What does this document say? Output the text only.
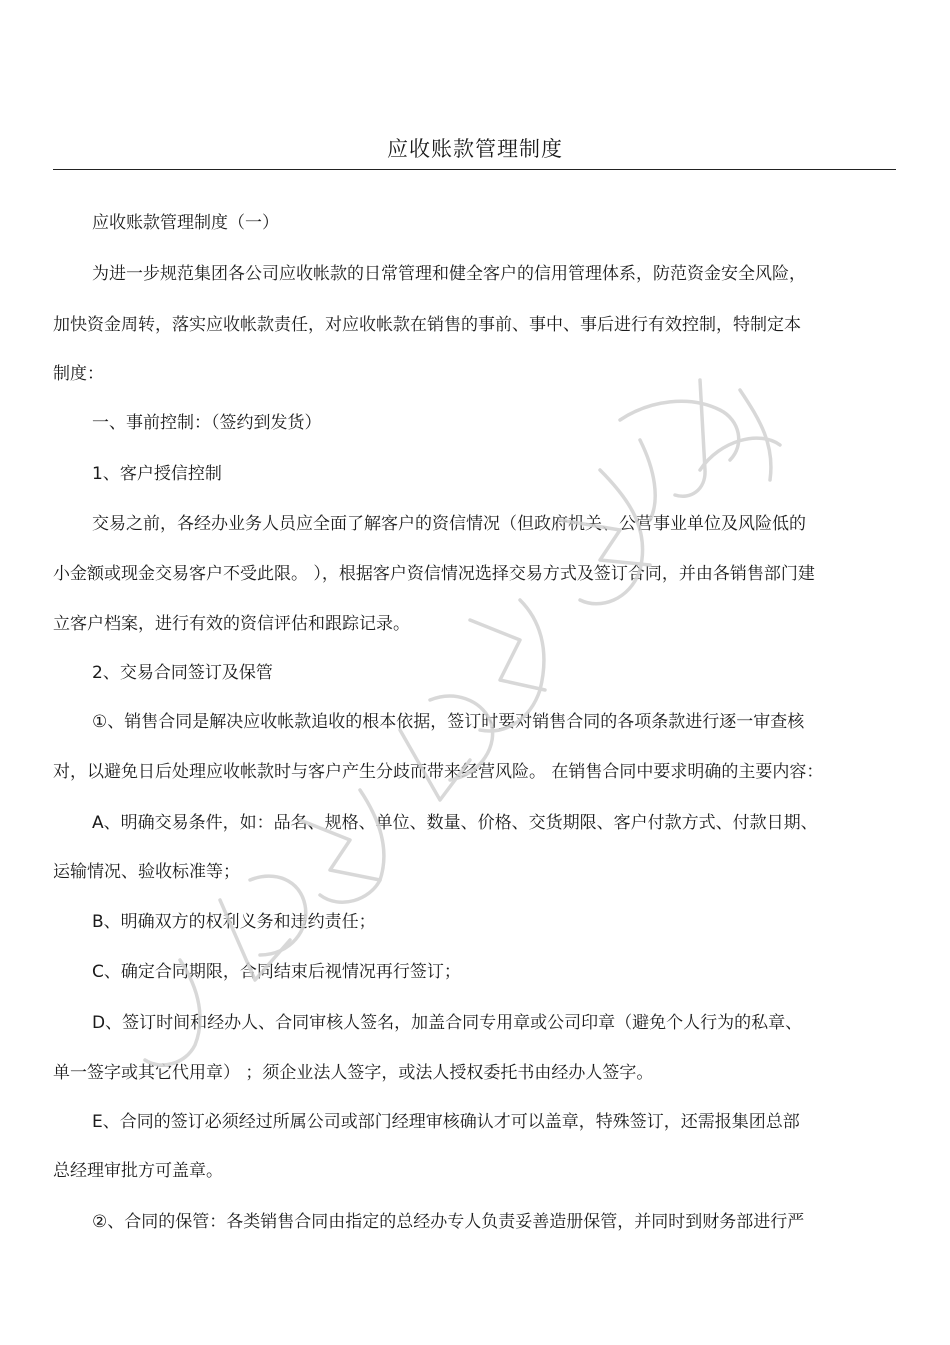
应收账款管理制度
应收账款管理制度（一）
为进一步规范集团各公司应收帐款的日常管理和健全客户的信用管理体系，防范资金安全风险，
加快资金周转，落实应收帐款责任，对应收帐款在销售的事前、事中、事后进行有效控制，特制定本
制度：
一、事前控制：（签约到发货）
1、客户授信控制
交易之前，各经办业务人员应全面了解客户的资信情况（但政府机关、公营事业单位及风险低的
小金额或现金交易客户不受此限。 ），根据客户资信情况选择交易方式及签订合同，并由各销售部门建
立客户档案，进行有效的资信评估和跟踪记录。
2、交易合同签订及保管
①、销售合同是解决应收帐款追收的根本依据，签订时要对销售合同的各项条款进行逐一审查核
对，以避免日后处理应收帐款时与客户产生分歧而带来经营风险。 在销售合同中要求明确的主要内容：
A、明确交易条件，如：品名、规格、单位、数量、价格、交货期限、客户付款方式、付款日期、
运输情况、验收标准等；
B、明确双方的权利义务和违约责任；
C、确定合同期限，合同结束后视情况再行签订；
D、签订时间和经办人、合同审核人签名，加盖合同专用章或公司印章（避免个人行为的私章、
单一签字或其它代用章） ；须企业法人签字，或法人授权委托书由经办人签字。
E、合同的签订必须经过所属公司或部门经理审核确认才可以盖章，特殊签订，还需报集团总部
总经理审批方可盖章。
②、合同的保管：各类销售合同由指定的总经办专人负责妥善造册保管，并同时到财务部进行严
